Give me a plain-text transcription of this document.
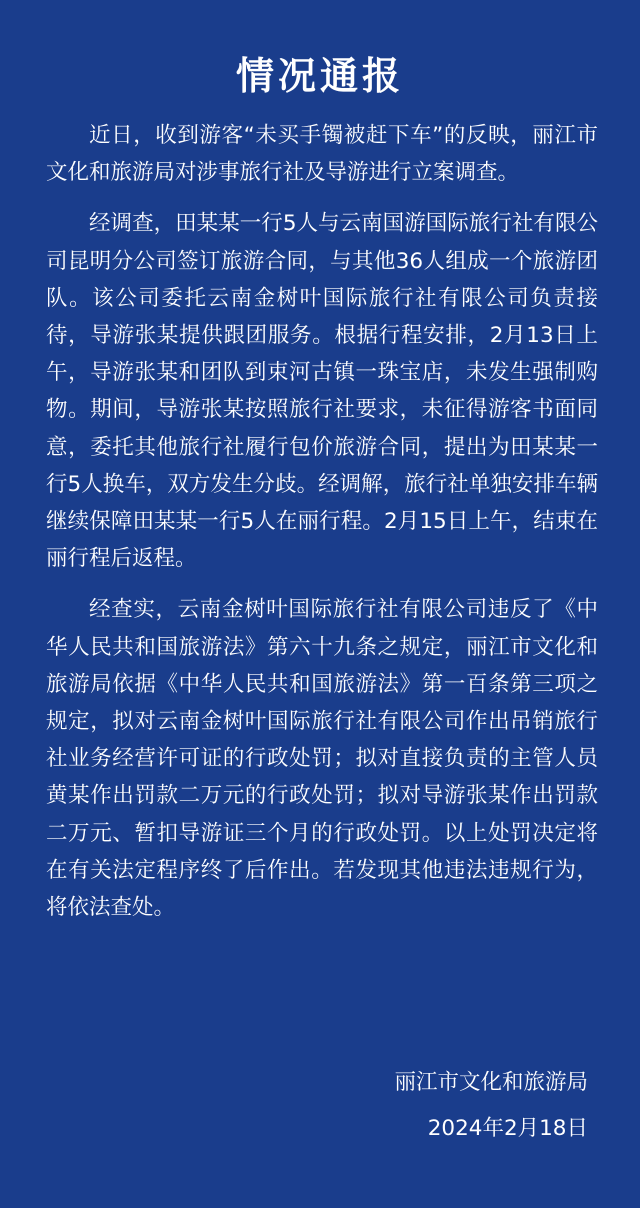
情况通报

近日，收到游客“未买手镯被赶下车”的反映，丽江市文化和旅游局对涉事旅行社及导游进行立案调查。

经调查，田某某一行5人与云南国游国际旅行社有限公司昆明分公司签订旅游合同，与其他36人组成一个旅游团队。该公司委托云南金树叶国际旅行社有限公司负责接待，导游张某提供跟团服务。根据行程安排，2月13日上午，导游张某和团队到束河古镇一珠宝店，未发生强制购物。期间，导游张某按照旅行社要求，未征得游客书面同意，委托其他旅行社履行包价旅游合同，提出为田某某一行5人换车，双方发生分歧。经调解，旅行社单独安排车辆继续保障田某某一行5人在丽行程。2月15日上午，结束在丽行程后返程。

经查实，云南金树叶国际旅行社有限公司违反了《中华人民共和国旅游法》第六十九条之规定，丽江市文化和旅游局依据《中华人民共和国旅游法》第一百条第三项之规定，拟对云南金树叶国际旅行社有限公司作出吊销旅行社业务经营许可证的行政处罚；拟对直接负责的主管人员黄某作出罚款二万元的行政处罚；拟对导游张某作出罚款二万元、暂扣导游证三个月的行政处罚。以上处罚决定将在有关法定程序终了后作出。若发现其他违法违规行为，将依法查处。

丽江市文化和旅游局
2024年2月18日
